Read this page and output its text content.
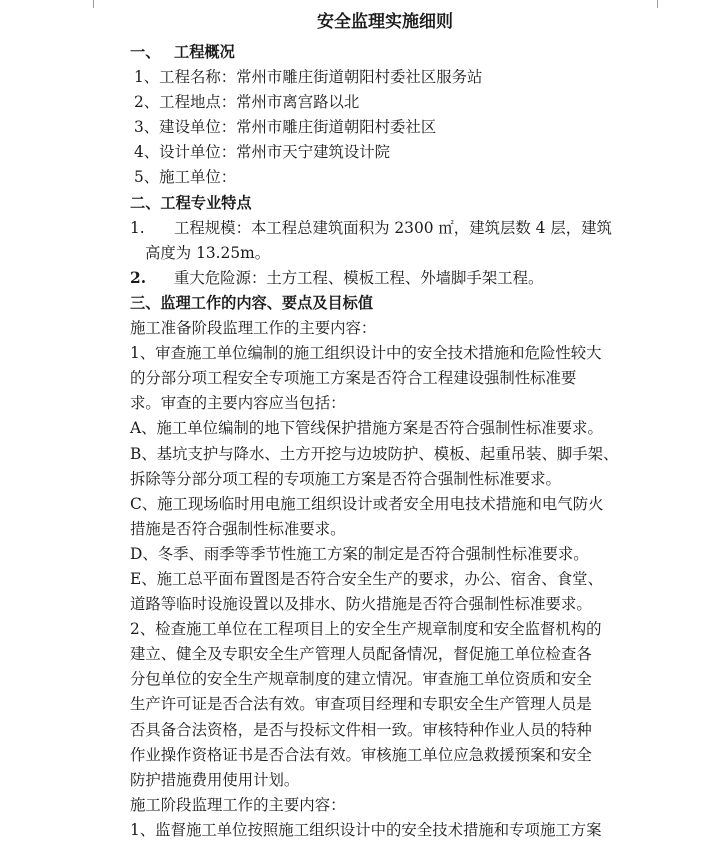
安全监理实施细则
一、 工程概况
1、工程名称：常州市雕庄街道朝阳村委社区服务站
2、工程地点：常州市离宫路以北
3、建设单位：常州市雕庄街道朝阳村委社区
4、设计单位：常州市天宁建筑设计院
5、施工单位：
二、工程专业特点
1. 工程规模：本工程总建筑面积为 2300 ㎡，建筑层数 4 层，建筑
高度为 13.25m。
2. 重大危险源：土方工程、模板工程、外墙脚手架工程。
三、监理工作的内容、要点及目标值
施工准备阶段监理工作的主要内容：
1、审查施工单位编制的施工组织设计中的安全技术措施和危险性较大
的分部分项工程安全专项施工方案是否符合工程建设强制性标准要
求。审查的主要内容应当包括：
A、施工单位编制的地下管线保护措施方案是否符合强制性标准要求。
B、基坑支护与降水、土方开挖与边坡防护、模板、起重吊装、脚手架、
拆除等分部分项工程的专项施工方案是否符合强制性标准要求。
C、施工现场临时用电施工组织设计或者安全用电技术措施和电气防火
措施是否符合强制性标准要求。
D、冬季、雨季等季节性施工方案的制定是否符合强制性标准要求。
E、施工总平面布置图是否符合安全生产的要求，办公、宿舍、食堂、
道路等临时设施设置以及排水、防火措施是否符合强制性标准要求。
2、检查施工单位在工程项目上的安全生产规章制度和安全监督机构的
建立、健全及专职安全生产管理人员配备情况，督促施工单位检查各
分包单位的安全生产规章制度的建立情况。审查施工单位资质和安全
生产许可证是否合法有效。审查项目经理和专职安全生产管理人员是
否具备合法资格，是否与投标文件相一致。审核特种作业人员的特种
作业操作资格证书是否合法有效。审核施工单位应急救援预案和安全
防护措施费用使用计划。
施工阶段监理工作的主要内容：
1、监督施工单位按照施工组织设计中的安全技术措施和专项施工方案
